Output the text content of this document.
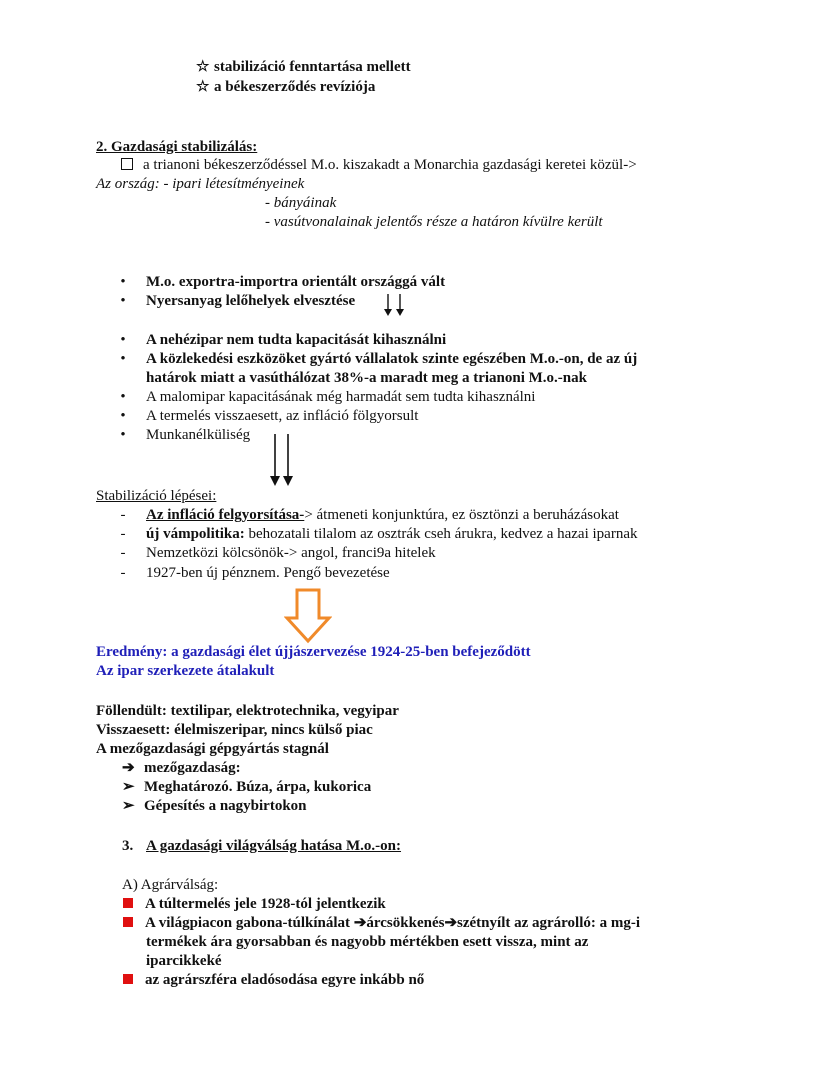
☆ stabilizáció fenntartása mellett
☆ a békeszerződés revíziója
2. Gazdasági stabilizálás:
a trianoni békeszerződéssel M.o. kiszakadt a Monarchia gazdasági keretei közül->
Az ország: - ipari létesítményeinek
- bányáinak
- vasútvonalainak jelentős része a határon kívülre került
• M.o. exportra-importra orientált országgá vált
• Nyersanyag lelőhelyek elvesztése
• A nehézipar nem tudta kapacitását kihasználni
• A közlekedési eszközöket gyártó vállalatok szinte egészében M.o.-on, de az új
határok miatt a vasúthálózat 38%-a maradt meg a trianoni M.o.-nak
• A malomipar kapacitásának még harmadát sem tudta kihasználni
• A termelés visszaesett, az infláció fölgyorsult
• Munkanélküliség
Stabilizáció lépései:
- Az infláció felgyorsítása-> átmeneti konjunktúra, ez ösztönzi a beruházásokat
- új vámpolitika: behozatali tilalom az osztrák cseh árukra, kedvez a hazai iparnak
- Nemzetközi kölcsönök-> angol, franci9a hitelek
- 1927-ben új pénznem. Pengő bevezetése
Eredmény: a gazdasági élet újjászervezése 1924-25-ben befejeződött
Az ipar szerkezete átalakult
Föllendült: textilipar, elektrotechnika, vegyipar
Visszaesett: élelmiszeripar, nincs külső piac
A mezőgazdasági gépgyártás stagnál
➔ mezőgazdaság:
➢ Meghatározó. Búza, árpa, kukorica
➢ Gépesítés a nagybirtokon
3. A gazdasági világválság hatása M.o.-on:
A) Agrárválság:
A túltermelés jele 1928-tól jelentkezik
A világpiacon gabona-túlkínálat ➔árcsökkenés➔szétnyílt az agrárolló: a mg-i
termékek ára gyorsabban és nagyobb mértékben esett vissza, mint az
iparcikkeké
az agrárszféra eladósodása egyre inkább nő
